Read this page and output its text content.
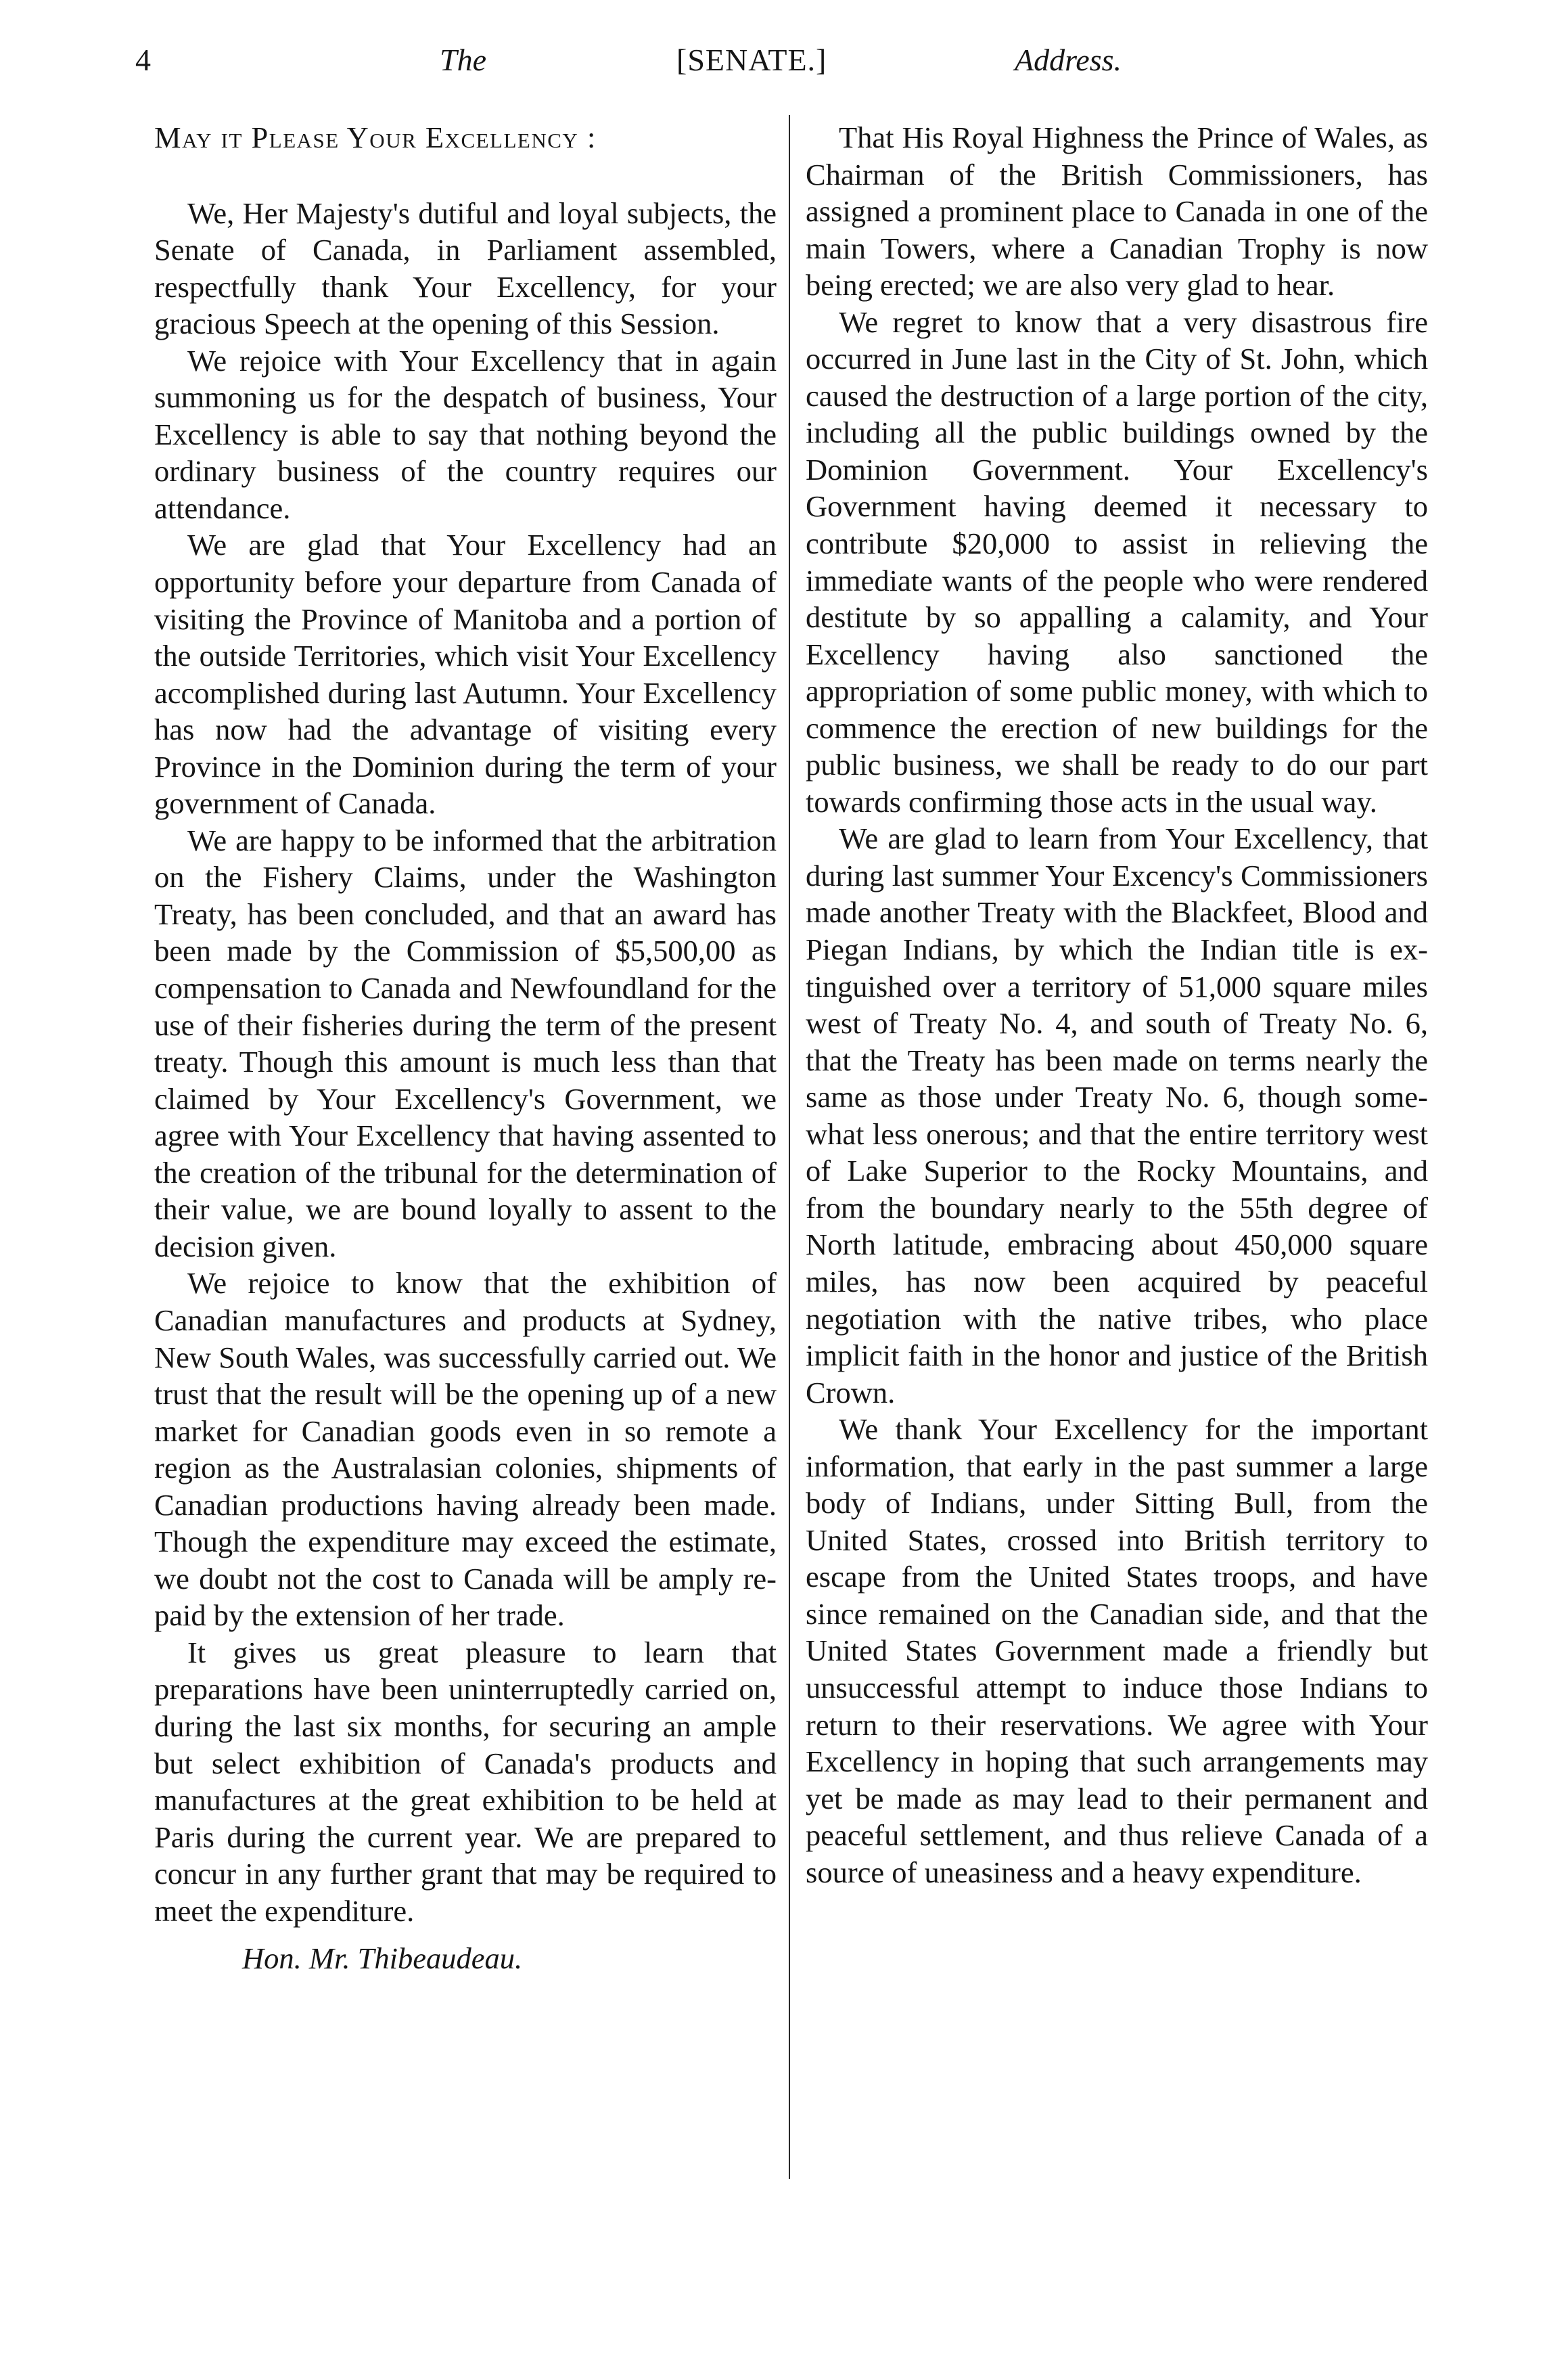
4	The	[SENATE.]	Address.

May it Please Your Excellency :

We, Her Majesty's dutiful and loyal subjects, the Senate of Canada, in Parliament assembled, respectfully thank Your Excellency, for your gracious Speech at the opening of this Session.

We rejoice with Your Excellency that in again summoning us for the despatch of business, Your Excellency is able to say that nothing beyond the ordinary business of the country requires our attendance.

We are glad that Your Excellency had an opportunity before your departure from Canada of visiting the Province of Manitoba and a portion of the outside Territories, which visit Your Excellency accomplished during last Autumn. Your Excellency has now had the advantage of visiting every Province in the Dominion during the term of your government of Canada.

We are happy to be informed that the arbitration on the Fishery Claims, under the Washington Treaty, has been concluded, and that an award has been made by the Commission of $5,500,00 as compensation to Canada and Newfoundland for the use of their fisheries during the term of the present treaty. Though this amount is much less than that claimed by Your Excellency's Government, we agree with Your Excellency that having assented to the creation of the tribunal for the determination of their value, we are bound loyally to assent to the decision given.

We rejoice to know that the exhibition of Canadian manufactures and products at Sydney, New South Wales, was successfully carried out. We trust that the result will be the opening up of a new market for Canadian goods even in so remote a region as the Australasian colonies, shipments of Canadian productions having already been made. Though the expenditure may exceed the estimate, we doubt not the cost to Canada will be amply repaid by the extension of her trade.

It gives us great pleasure to learn that preparations have been uninterruptedly carried on, during the last six months, for securing an ample but select exhibition of Canada's products and manufactures at the great exhibition to be held at Paris during the current year. We are prepared to concur in any further grant that may be required to meet the expenditure.

Hon. Mr. Thibeaudeau.

That His Royal Highness the Prince of Wales, as Chairman of the British Commissioners, has assigned a prominent place to Canada in one of the main Towers, where a Canadian Trophy is now being erected; we are also very glad to hear.

We regret to know that a very disastrous fire occurred in June last in the City of St. John, which caused the destruction of a large portion of the city, including all the public buildings owned by the Dominion Government. Your Excellency's Government having deemed it necessary to contribute $20,000 to assist in relieving the immediate wants of the people who were rendered destitute by so appalling a calamity, and Your Excellency having also sanctioned the appropriation of some public money, with which to commence the erection of new buildings for the public business, we shall be ready to do our part towards confirming those acts in the usual way.

We are glad to learn from Your Excellency, that during last summer Your Excency's Commissioners made another Treaty with the Blackfeet, Blood and Piegan Indians, by which the Indian title is extinguished over a territory of 51,000 square miles west of Treaty No. 4, and south of Treaty No. 6, that the Treaty has been made on terms nearly the same as those under Treaty No. 6, though somewhat less onerous; and that the entire territory west of Lake Superior to the Rocky Mountains, and from the boundary nearly to the 55th degree of North latitude, embracing about 450,000 square miles, has now been acquired by peaceful negotiation with the native tribes, who place implicit faith in the honor and justice of the British Crown.

We thank Your Excellency for the important information, that early in the past summer a large body of Indians, under Sitting Bull, from the United States, crossed into British territory to escape from the United States troops, and have since remained on the Canadian side, and that the United States Government made a friendly but unsuccessful attempt to induce those Indians to return to their reservations. We agree with Your Excellency in hoping that such arrangements may yet be made as may lead to their permanent and peaceful settlement, and thus relieve Canada of a source of uneasiness and a heavy expenditure.
